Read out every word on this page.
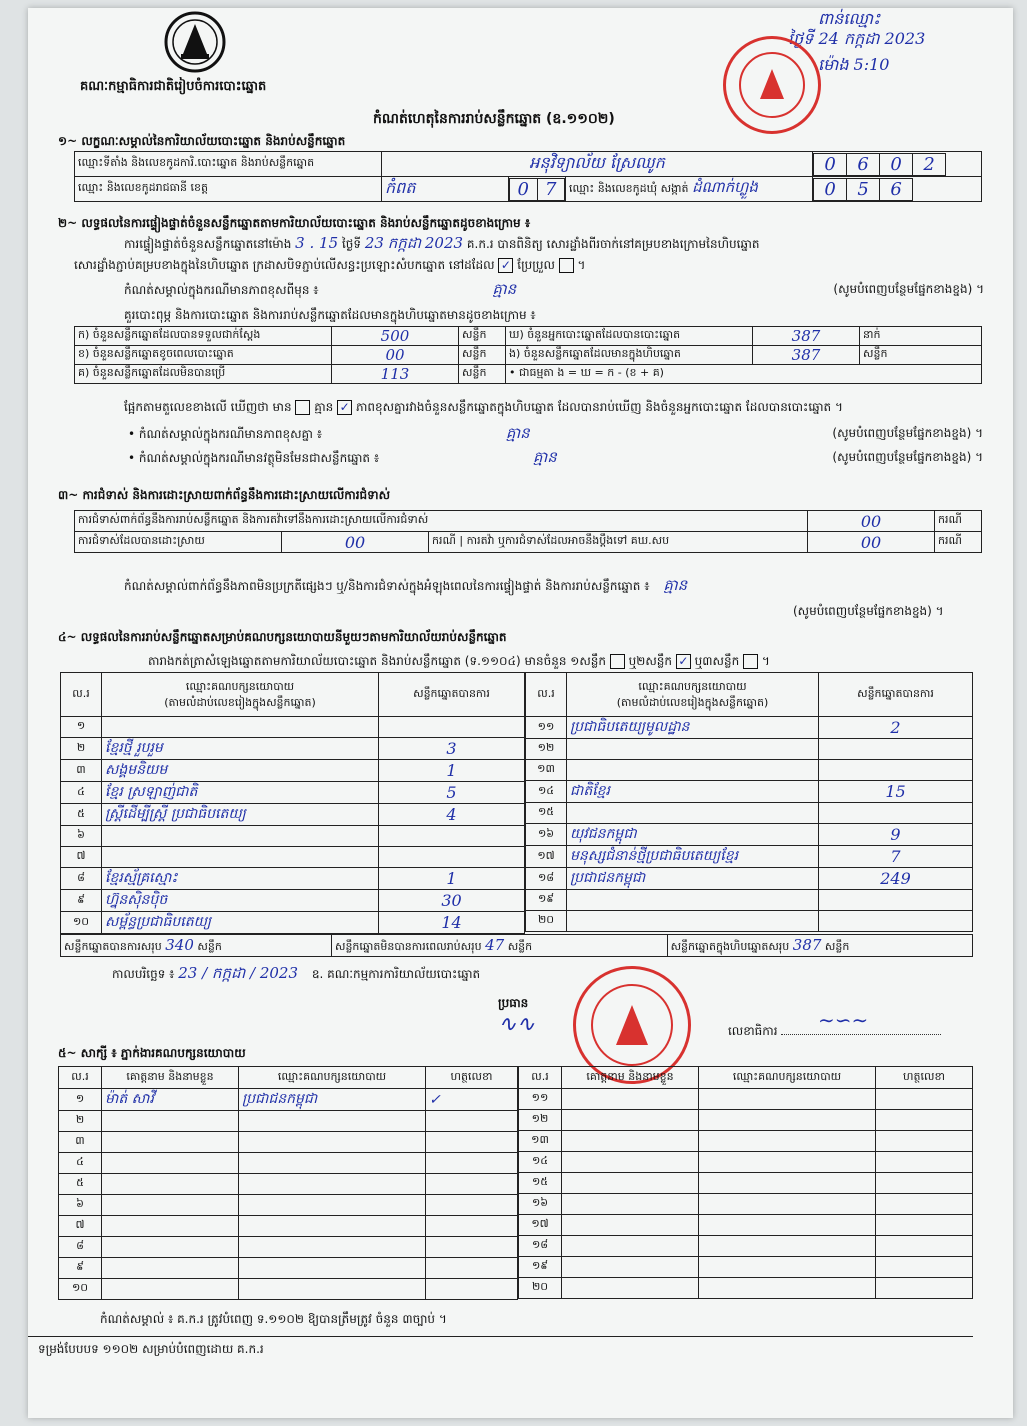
គណៈកម្មាធិការជាតិរៀបចំការបោះឆ្នោត
ពាន់ឈ្មោះ
ថ្ងៃទី 24 កក្កដា 2023
ម៉ោង 5:10
កំណត់ហេតុនៃការរាប់សន្លឹកឆ្នោត (ឧ.១១០២)
១~ លក្ខណៈសម្គាល់នៃការិយាល័យបោះឆ្នោត និងរាប់សន្លឹកឆ្នោត
ឈ្មោះទីតាំង និងលេខកូដការិ.បោះឆ្នោត និងរាប់សន្លឹកឆ្នោត	អនុវិទ្យាល័យ ស្រែឈូក		0	6	0	2

ឈ្មោះ និងលេខកូដរាជធានី ខេត្ត	កំពត		0	7
	ឈ្មោះ និងលេខកូដឃុំ សង្កាត់ ដំណាក់ហ្លួង		0	5	6
២~ លទ្ធផលនៃការផ្ទៀងផ្ទាត់ចំនួនសន្លឹកឆ្នោតតាមការិយាល័យបោះឆ្នោត និងរាប់សន្លឹកឆ្នោតដូចខាងក្រោម ៖
ការផ្ទៀងផ្ទាត់ចំនួនសន្លឹកឆ្នោតនៅម៉ោង 3 . 15 ថ្ងៃទី 23 កក្កដា 2023 គ.ក.រ បានពិនិត្យ សោរដ្ឋាំងពីរចាក់នៅគម្របខាងក្រោមនៃហិបឆ្នោត
សោរដ្ឋាំងភ្ជាប់គម្របខាងក្នុងនៃហិបឆ្នោត ក្រដាសបិទភ្ជាប់លើសន្ធះប្រឡោះសំបកឆ្នោត នៅដដែល ✓ ប្រែប្រួល  ។
កំណត់សម្គាល់ក្នុងករណីមានភាពខុសពីមុន ៖	គ្មាន	(សូមបំពេញបន្ថែមផ្នែកខាងខ្នង) ។
គួរបោះពុម្ភ និងការបោះឆ្នោត និងការរាប់សន្លឹកឆ្នោតដែលមានក្នុងហិបឆ្នោតមានដូចខាងក្រោម ៖
ក) ចំនួនសន្លឹកឆ្នោតដែលបានទទួលជាក់ស្តែង	500	សន្លឹក	ឃ) ចំនួនអ្នកបោះឆ្នោតដែលបានបោះឆ្នោត	387	នាក់
ខ) ចំនួនសន្លឹកឆ្នោតខូចពេលបោះឆ្នោត	00	សន្លឹក	ង) ចំនួនសន្លឹកឆ្នោតដែលមានក្នុងហិបឆ្នោត	387	សន្លឹក
គ) ចំនួនសន្លឹកឆ្នោតដែលមិនបានប្រើ	113	សន្លឹក	• ជាធម្មតា ង = ឃ = ក - (ខ + គ)		
ផ្អែកតាមតួលេខខាងលើ ឃើញថា មាន គ្មាន ✓ ភាពខុសគ្នារវាងចំនួនសន្លឹកឆ្នោតក្នុងហិបឆ្នោត ដែលបានរាប់ឃើញ និងចំនួនអ្នកបោះឆ្នោត ដែលបានបោះឆ្នោត ។
• កំណត់សម្គាល់ក្នុងករណីមានភាពខុសគ្នា ៖	គ្មាន	(សូមបំពេញបន្ថែមផ្នែកខាងខ្នង) ។
• កំណត់សម្គាល់ក្នុងករណីមានវត្ថុមិនមែនជាសន្លឹកឆ្នោត ៖	គ្មាន	(សូមបំពេញបន្ថែមផ្នែកខាងខ្នង) ។
៣~ ការជំទាស់ និងការដោះស្រាយពាក់ព័ន្ធនឹងការដោះស្រាយលើការជំទាស់
ការជំទាស់ពាក់ព័ន្ធនឹងការរាប់សន្លឹកឆ្នោត និងការតវ៉ាទៅនឹងការដោះស្រាយលើការជំទាស់			00	ករណី
ការជំទាស់ដែលបានដោះស្រាយ	00	ករណី | ការតវ៉ា ឬការជំទាស់ដែលអាចនឹងប្តឹងទៅ គឃ.សប	00	ករណី
កំណត់សម្គាល់ពាក់ព័ន្ធនឹងភាពមិនប្រក្រតីផ្សេងៗ ឬ/និងការជំទាស់ក្នុងអំឡុងពេលនៃការផ្ទៀងផ្ទាត់ និងការរាប់សន្លឹកឆ្នោត ៖ គ្មាន
(សូមបំពេញបន្ថែមផ្នែកខាងខ្នង) ។
៤~ លទ្ធផលនៃការរាប់សន្លឹកឆ្នោតសម្រាប់គណបក្សនយោបាយនីមួយៗតាមការិយាល័យរាប់សន្លឹកឆ្នោត
តារាងកត់ត្រាសំឡេងឆ្នោតតាមការិយាល័យបោះឆ្នោត និងរាប់សន្លឹកឆ្នោត (ទ.១១០៤) មានចំនួន ១សន្លឹក ឬ២សន្លឹក ✓ ឬ៣សន្លឹក  ។
ល.រ	ឈ្មោះគណបក្សនយោបាយ
(តាមលំដាប់លេខរៀងក្នុងសន្លឹកឆ្នោត)	សន្លឹកឆ្នោតបានការ
១		
២	ខ្មែរថ្មី រួបរួម	3
៣	សង្គមនិយម	1
៤	ខ្មែរ ស្រឡាញ់ជាតិ	5
៥	ស្ត្រីដើម្បីស្ត្រី ប្រជាធិបតេយ្យ	4
៦		
៧		
៨	ខ្មែរស្ម័គ្រស្មោះ	1
៩	ហ្វ៊ុនស៊ិនប៉ិច	30
១០	សម្ព័ន្ធប្រជាធិបតេយ្យ	14
ល.រ	ឈ្មោះគណបក្សនយោបាយ
(តាមលំដាប់លេខរៀងក្នុងសន្លឹកឆ្នោត)	សន្លឹកឆ្នោតបានការ
១១	ប្រជាធិបតេយ្យមូលដ្ឋាន	2
១២		
១៣		
១៤	ជាតិខ្មែរ	15
១៥		
១៦	យុវជនកម្ពុជា	9
១៧	មនុស្សជំនាន់ថ្មីប្រជាធិបតេយ្យខ្មែរ	7
១៨	ប្រជាជនកម្ពុជា	249
១៩		
២០		
សន្លឹកឆ្នោតបានការសរុប 340 សន្លឹក	សន្លឹកឆ្នោតមិនបានការពេលរាប់សរុប 47 សន្លឹក	សន្លឹកឆ្នោតក្នុងហិបឆ្នោតសរុប 387 សន្លឹក
កាលបរិច្ឆេទ ៖ 23 / កក្កដា / 2023 ឧ. គណៈកម្មការការិយាល័យបោះឆ្នោត
ប្រធាន
∿∿	លេខាធិការ	∼∽∼
៥~ សាក្សី ៖ ភ្នាក់ងារគណបក្សនយោបាយ
ល.រ	គោត្តនាម និងនាមខ្លួន	ឈ្មោះគណបក្សនយោបាយ	ហត្ថលេខា
១	ម៉ាត់ សាវី	ប្រជាជនកម្ពុជា	✓
២			
៣			
៤			
៥			
៦			
៧			
៨			
៩			
១០			
ល.រ	គោត្តនាម និងនាមខ្លួន	ឈ្មោះគណបក្សនយោបាយ	ហត្ថលេខា
១១			
១២			
១៣			
១៤			
១៥			
១៦			
១៧			
១៨			
១៩			
២០			
កំណត់សម្គាល់ ៖ គ.ក.រ ត្រូវបំពេញ ទ.១១០២ ឱ្យបានត្រឹមត្រូវ ចំនួន ៣ច្បាប់ ។
ទម្រង់បែបបទ ១១០២ សម្រាប់បំពេញដោយ គ.ក.រ
